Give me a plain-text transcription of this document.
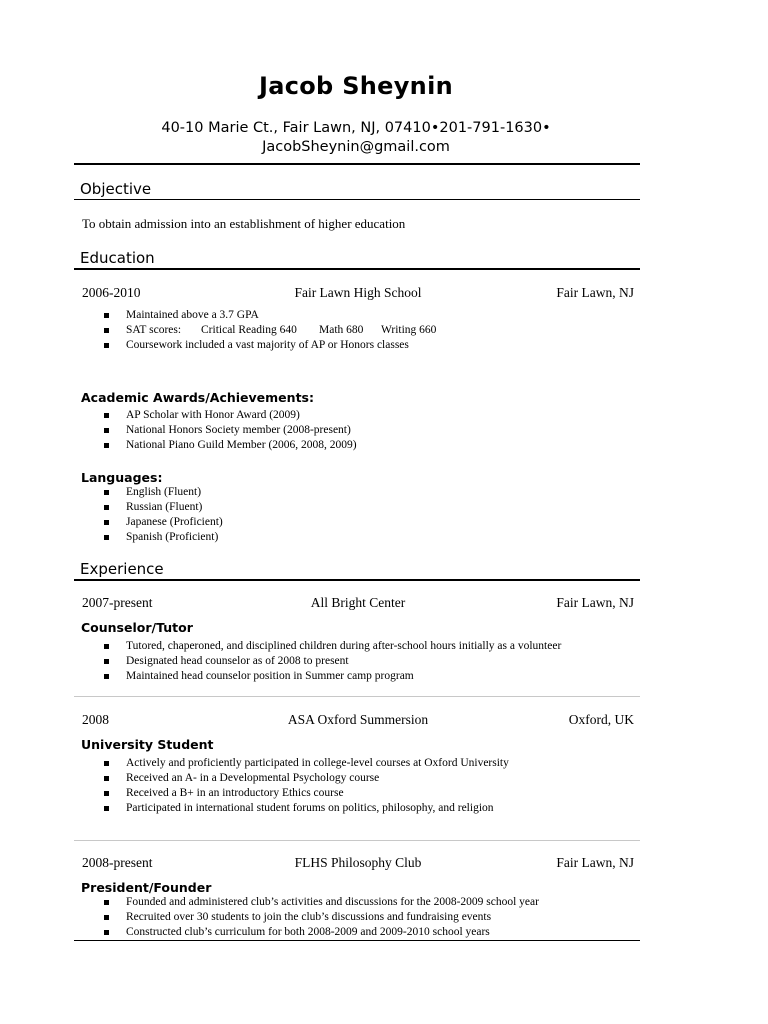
Jacob Sheynin
40-10 Marie Ct., Fair Lawn, NJ, 07410•201-791-1630•
JacobSheynin@gmail.com
Objective
To obtain admission into an establishment of higher education
Education
2006-2010	Fair Lawn High School	Fair Lawn, NJ
Maintained above a 3.7 GPA
SAT scores: Critical Reading 640 Math 680 Writing 660
Coursework included a vast majority of AP or Honors classes
Academic Awards/Achievements:
AP Scholar with Honor Award (2009)
National Honors Society member (2008-present)
National Piano Guild Member (2006, 2008, 2009)
Languages:
English (Fluent)
Russian (Fluent)
Japanese (Proficient)
Spanish (Proficient)
Experience
2007-present	All Bright Center	Fair Lawn, NJ
Counselor/Tutor
Tutored, chaperoned, and disciplined children during after-school hours initially as a volunteer
Designated head counselor as of 2008 to present
Maintained head counselor position in Summer camp program
2008	ASA Oxford Summersion	Oxford, UK
University Student
Actively and proficiently participated in college-level courses at Oxford University
Received an A- in a Developmental Psychology course
Received a B+ in an introductory Ethics course
Participated in international student forums on politics, philosophy, and religion
2008-present	FLHS Philosophy Club	Fair Lawn, NJ
President/Founder
Founded and administered club’s activities and discussions for the 2008-2009 school year
Recruited over 30 students to join the club’s discussions and fundraising events
Constructed club’s curriculum for both 2008-2009 and 2009-2010 school years
